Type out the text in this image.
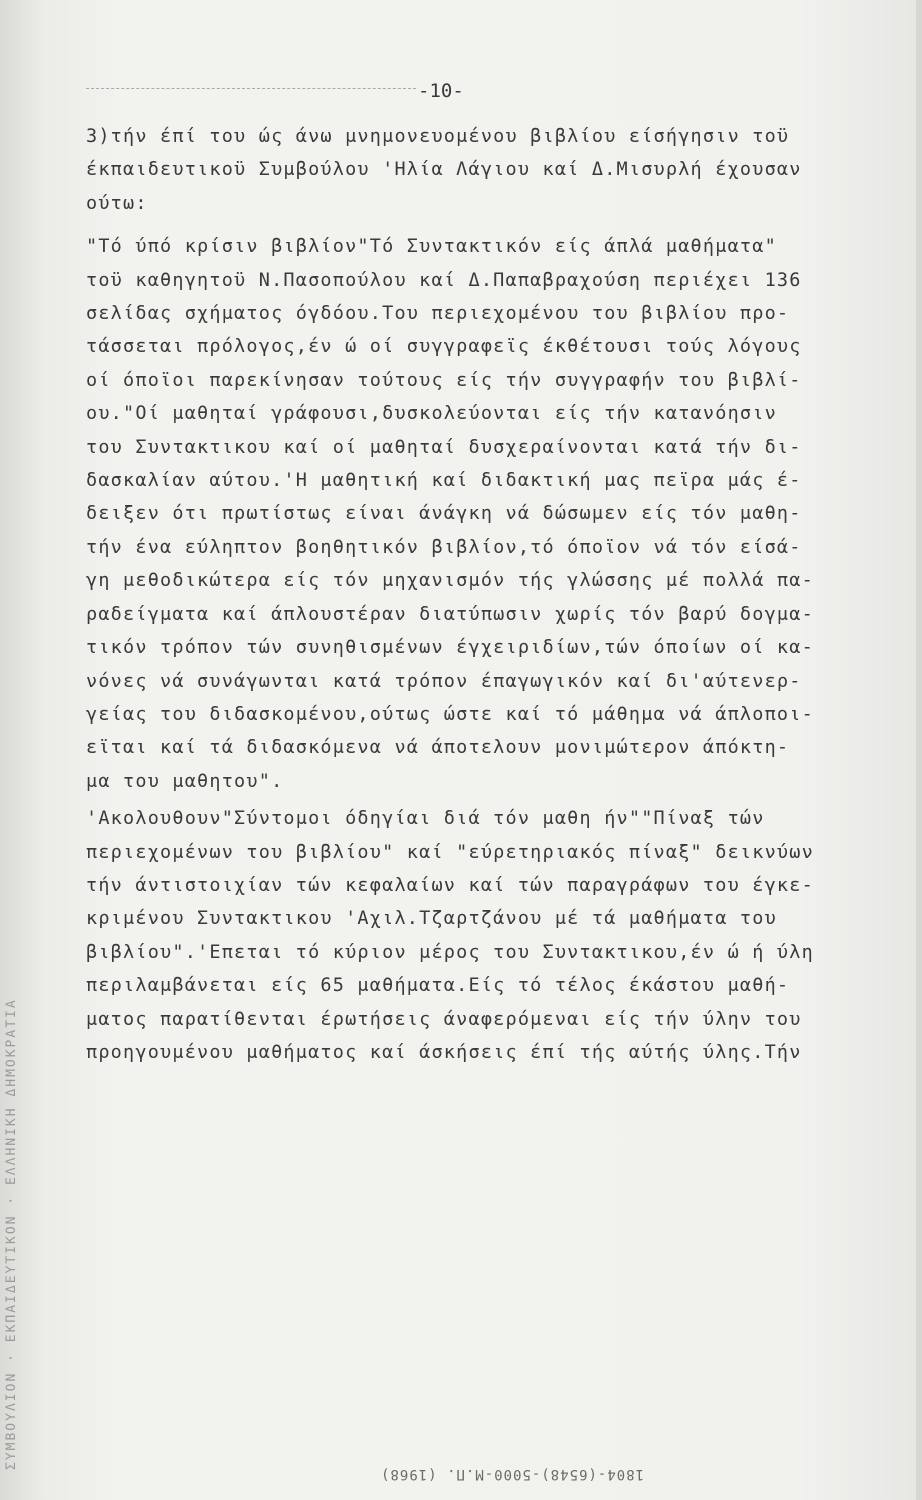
ΣΥΜΒΟΥΛΙΟΝ · ΕΚΠΑΙΔΕΥΤΙΚΟΝ · ΕΛΛΗΝΙΚΗ ΔΗΜΟΚΡΑΤΙΑ
-10-
3)τήν έπί του ώς άνω μνημονευομένου βιβλίου είσήγησιν τοϋ
έκπαιδευτικοϋ Συμβούλου 'Ηλία Λάγιου καί Δ.Μισυρλή έχουσαν
ούτω:
"Τό ύπό κρίσιν βιβλίον"Τό Συντακτικόν είς άπλά μαθήματα"
τοϋ καθηγητοϋ Ν.Πασοπούλου καί Δ.Παπαβραχούση περιέχει 136
σελίδας σχήματος όγδόου.Του περιεχομένου του βιβλίου προ-
τάσσεται πρόλογος,έν ώ οί συγγραφεϊς έκθέτουσι τούς λόγους
οί όποϊοι παρεκίνησαν τούτους είς τήν συγγραφήν του βιβλί-
ου."Οί μαθηταί γράφουσι,δυσκολεύονται είς τήν κατανόησιν
του Συντακτικου καί οί μαθηταί δυσχεραίνονται κατά τήν δι-
δασκαλίαν αύτου.'Η μαθητική καί διδακτική μας πεϊρα μάς έ-
δειξεν ότι πρωτίστως είναι άνάγκη νά δώσωμεν είς τόν μαθη-
τήν ένα εύληπτον βοηθητικόν βιβλίον,τό όποϊον νά τόν είσά-
γη μεθοδικώτερα είς τόν μηχανισμόν τής γλώσσης μέ πολλά πα-
ραδείγματα καί άπλουστέραν διατύπωσιν χωρίς τόν βαρύ δογμα-
τικόν τρόπον τών συνηθισμένων έγχειριδίων,τών όποίων οί κα-
νόνες νά συνάγωνται κατά τρόπον έπαγωγικόν καί δι'αύτενερ-
γείας του διδασκομένου,ούτως ώστε καί τό μάθημα νά άπλοποι-
εϊται καί τά διδασκόμενα νά άποτελουν μονιμώτερον άπόκτη-
μα του μαθητου".
'Ακολουθουν"Σύντομοι όδηγίαι διά τόν μαθη ήν""Πίναξ τών
περιεχομένων του βιβλίου" καί "εύρετηριακός πίναξ" δεικνύων
τήν άντιστοιχίαν τών κεφαλαίων καί τών παραγράφων του έγκε-
κριμένου Συντακτικου 'Αχιλ.Τζαρτζάνου μέ τά μαθήματα του
βιβλίου".'Επεται τό κύριον μέρος του Συντακτικου,έν ώ ή ύλη
περιλαμβάνεται είς 65 μαθήματα.Είς τό τέλος έκάστου μαθή-
ματος παρατίθενται έρωτήσεις άναφερόμεναι είς τήν ύλην του
προηγουμένου μαθήματος καί άσκήσεις έπί τής αύτής ύλης.Τήν
1804-(6548)-5000-Μ.Π. (1968)
